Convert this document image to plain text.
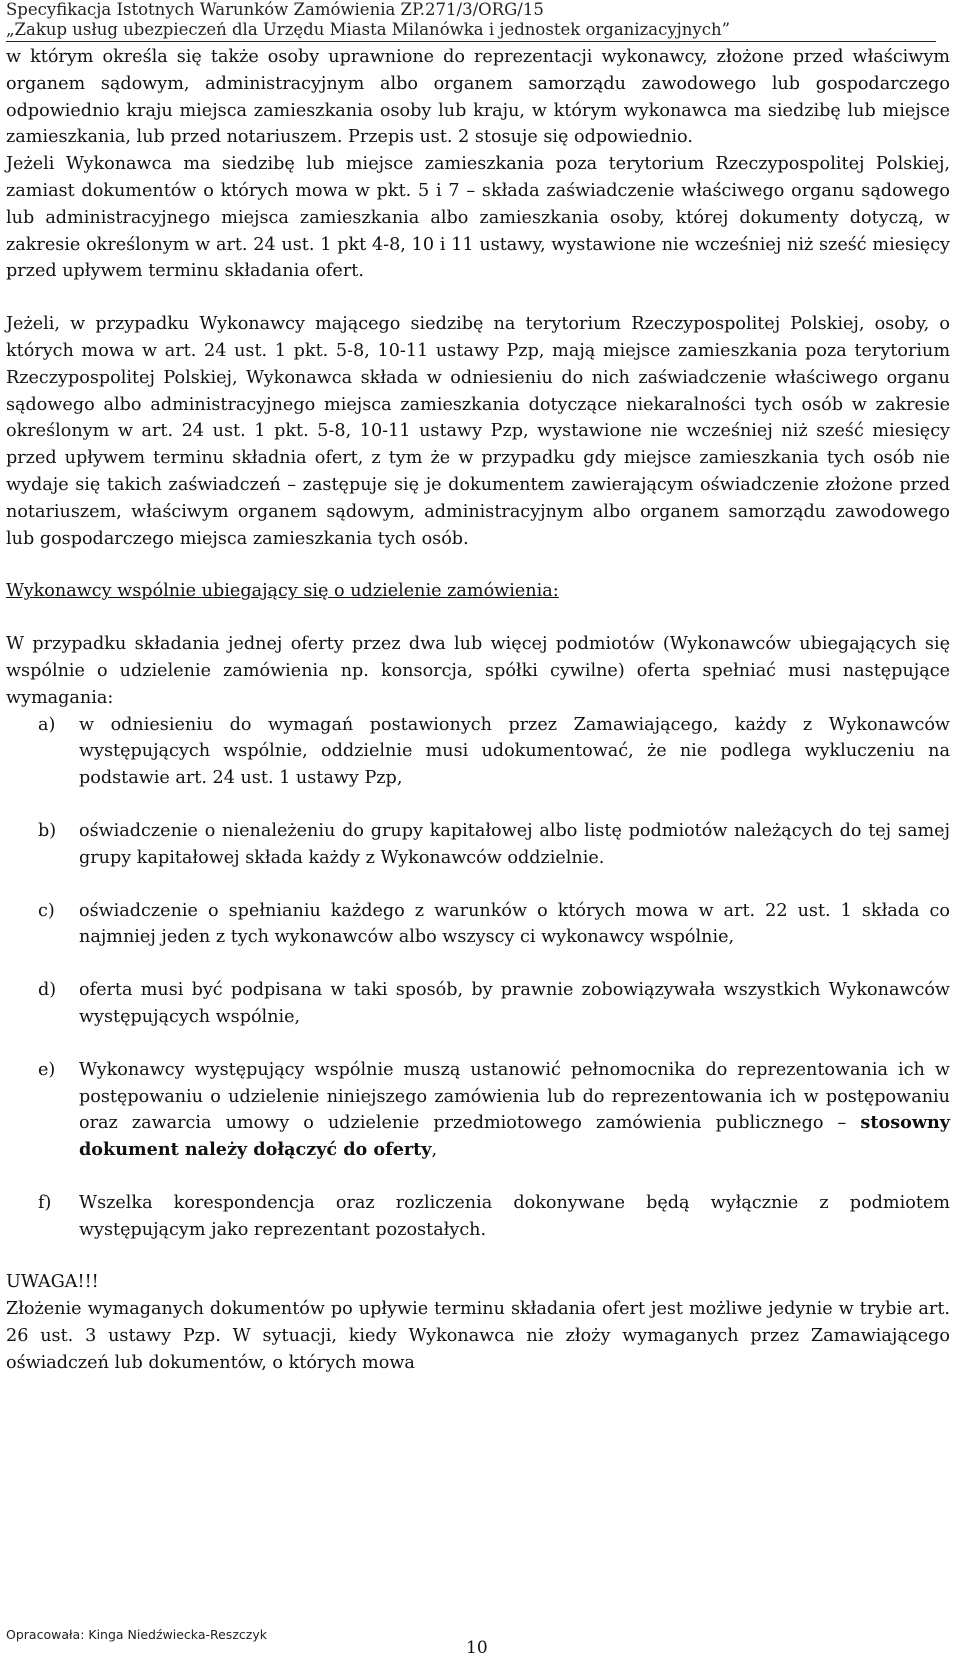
Specyfikacja Istotnych Warunków Zamówienia ZP.271/3/ORG/15
„Zakup usług ubezpieczeń dla Urzędu Miasta Milanówka i jednostek organizacyjnych”

w którym określa się także osoby uprawnione do reprezentacji wykonawcy, złożone przed właściwym organem sądowym, administracyjnym albo organem samorządu zawodowego lub gospodarczego odpowiednio kraju miejsca zamieszkania osoby lub kraju, w którym wykonawca ma siedzibę lub miejsce zamieszkania, lub przed notariuszem. Przepis ust. 2 stosuje się odpowiednio.

Jeżeli Wykonawca ma siedzibę lub miejsce zamieszkania poza terytorium Rzeczypospolitej Polskiej, zamiast dokumentów o których mowa w pkt. 5 i 7 – składa zaświadczenie właściwego organu sądowego lub administracyjnego miejsca zamieszkania albo zamieszkania osoby, której dokumenty dotyczą, w zakresie określonym w art. 24 ust. 1 pkt 4-8, 10 i 11 ustawy, wystawione nie wcześniej niż sześć miesięcy przed upływem terminu składania ofert.

Jeżeli, w przypadku Wykonawcy mającego siedzibę na terytorium Rzeczypospolitej Polskiej, osoby, o których mowa w art. 24 ust. 1 pkt. 5-8, 10-11 ustawy Pzp, mają miejsce zamieszkania poza terytorium Rzeczypospolitej Polskiej, Wykonawca składa w odniesieniu do nich zaświadczenie właściwego organu sądowego albo administracyjnego miejsca zamieszkania dotyczące niekaralności tych osób w zakresie określonym w art. 24 ust. 1 pkt. 5-8, 10-11 ustawy Pzp, wystawione nie wcześniej niż sześć miesięcy przed upływem terminu składnia ofert, z tym że w przypadku gdy miejsce zamieszkania tych osób nie wydaje się takich zaświadczeń – zastępuje się je dokumentem zawierającym oświadczenie złożone przed notariuszem, właściwym organem sądowym, administracyjnym albo organem samorządu zawodowego lub gospodarczego miejsca zamieszkania tych osób.

Wykonawcy wspólnie ubiegający się o udzielenie zamówienia:

W przypadku składania jednej oferty przez dwa lub więcej podmiotów (Wykonawców ubiegających się wspólnie o udzielenie zamówienia np. konsorcja, spółki cywilne) oferta spełniać musi następujące wymagania:

a) w odniesieniu do wymagań postawionych przez Zamawiającego, każdy z Wykonawców występujących wspólnie, oddzielnie musi udokumentować, że nie podlega wykluczeniu na podstawie art. 24 ust. 1 ustawy Pzp,
b) oświadczenie o nienależeniu do grupy kapitałowej albo listę podmiotów należących do tej samej grupy kapitałowej składa każdy z Wykonawców oddzielnie.
c) oświadczenie o spełnianiu każdego z warunków o których mowa w art. 22 ust. 1 składa co najmniej jeden z tych wykonawców albo wszyscy ci wykonawcy wspólnie,
d) oferta musi być podpisana w taki sposób, by prawnie zobowiązywała wszystkich Wykonawców występujących wspólnie,
e) Wykonawcy występujący wspólnie muszą ustanowić pełnomocnika do reprezentowania ich w postępowaniu o udzielenie niniejszego zamówienia lub do reprezentowania ich w postępowaniu oraz zawarcia umowy o udzielenie przedmiotowego zamówienia publicznego – stosowny dokument należy dołączyć do oferty,
f) Wszelka korespondencja oraz rozliczenia dokonywane będą wyłącznie z podmiotem występującym jako reprezentant pozostałych.

UWAGA!!!

Złożenie wymaganych dokumentów po upływie terminu składania ofert jest możliwe jedynie w trybie art. 26 ust. 3 ustawy Pzp. W sytuacji, kiedy Wykonawca nie złoży wymaganych przez Zamawiającego oświadczeń lub dokumentów, o których mowa

Opracowała: Kinga Niedźwiecka-Reszczyk
10
